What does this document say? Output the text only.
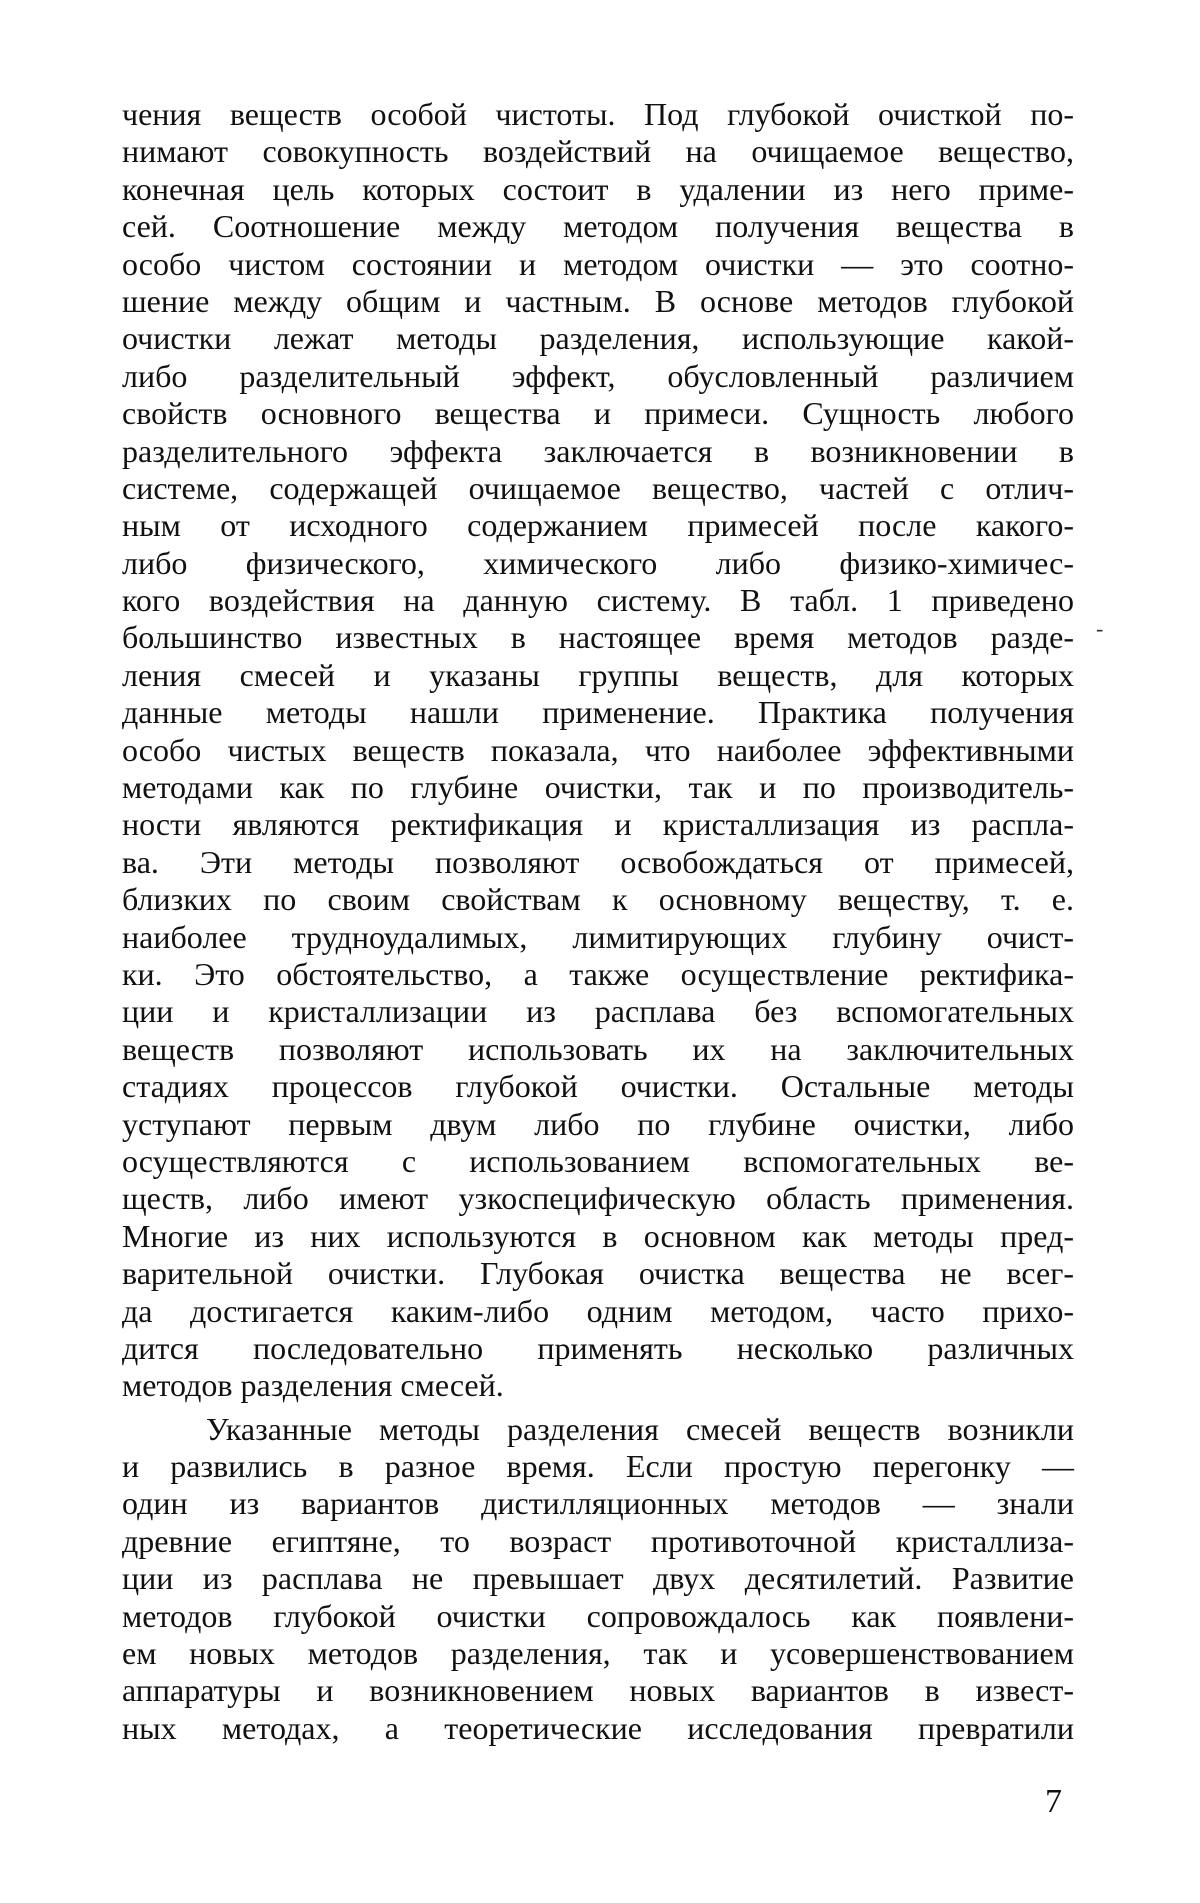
чения веществ особой чистоты. Под глубокой очисткой по-
нимают совокупность воздействий на очищаемое вещество,
конечная цель которых состоит в удалении из него приме-
сей. Соотношение между методом получения вещества в
особо чистом состоянии и методом очистки — это соотно-
шение между общим и частным. В основе методов глубокой
очистки лежат методы разделения, использующие какой-
либо разделительный эффект, обусловленный различием
свойств основного вещества и примеси. Сущность любого
разделительного эффекта заключается в возникновении в
системе, содержащей очищаемое вещество, частей с отлич-
ным от исходного содержанием примесей после какого-
либо физического, химического либо физико-химичес-
кого воздействия на данную систему. В табл. 1 приведено
большинство известных в настоящее время методов разде-
ления смесей и указаны группы веществ, для которых
данные методы нашли применение. Практика получения
особо чистых веществ показала, что наиболее эффективными
методами как по глубине очистки, так и по производитель-
ности являются ректификация и кристаллизация из распла-
ва. Эти методы позволяют освобождаться от примесей,
близких по своим свойствам к основному веществу, т. е.
наиболее трудноудалимых, лимитирующих глубину очист-
ки. Это обстоятельство, а также осуществление ректифика-
ции и кристаллизации из расплава без вспомогательных
веществ позволяют использовать их на заключительных
стадиях процессов глубокой очистки. Остальные методы
уступают первым двум либо по глубине очистки, либо
осуществляются с использованием вспомогательных ве-
ществ, либо имеют узкоспецифическую область применения.
Многие из них используются в основном как методы пред-
варительной очистки. Глубокая очистка вещества не всег-
да достигается каким-либо одним методом, часто прихо-
дится последовательно применять несколько различных
методов разделения смесей.
Указанные методы разделения смесей веществ возникли
и развились в разное время. Если простую перегонку —
один из вариантов дистилляционных методов — знали
древние египтяне, то возраст противоточной кристаллиза-
ции из расплава не превышает двух десятилетий. Развитие
методов глубокой очистки сопровождалось как появлени-
ем новых методов разделения, так и усовершенствованием
аппаратуры и возникновением новых вариантов в извест-
ных методах, а теоретические исследования превратили
-
7
